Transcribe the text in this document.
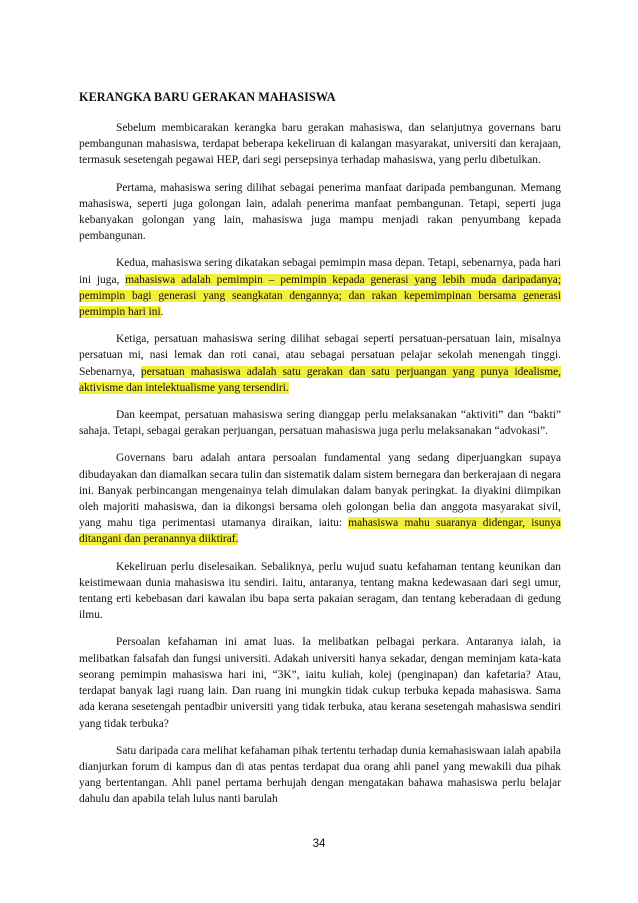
KERANGKA BARU GERAKAN MAHASISWA

Sebelum membicarakan kerangka baru gerakan mahasiswa, dan selanjutnya governans baru pembangunan mahasiswa, terdapat beberapa kekeliruan di kalangan masyarakat, universiti dan kerajaan, termasuk sesetengah pegawai HEP, dari segi persepsinya terhadap mahasiswa, yang perlu dibetulkan.

Pertama, mahasiswa sering dilihat sebagai penerima manfaat daripada pembangunan. Memang mahasiswa, seperti juga golongan lain, adalah penerima manfaat pembangunan. Tetapi, seperti juga kebanyakan golongan yang lain, mahasiswa juga mampu menjadi rakan penyumbang kepada pembangunan.

Kedua, mahasiswa sering dikatakan sebagai pemimpin masa depan. Tetapi, sebenarnya, pada hari ini juga, mahasiswa adalah pemimpin – pemimpin kepada generasi yang lebih muda daripadanya; pemimpin bagi generasi yang seangkatan dengannya; dan rakan kepemimpinan bersama generasi pemimpin hari ini.

Ketiga, persatuan mahasiswa sering dilihat sebagai seperti persatuan-persatuan lain, misalnya persatuan mi, nasi lemak dan roti canai, atau sebagai persatuan pelajar sekolah menengah tinggi. Sebenarnya, persatuan mahasiswa adalah satu gerakan dan satu perjuangan yang punya idealisme, aktivisme dan intelektualisme yang tersendiri.

Dan keempat, persatuan mahasiswa sering dianggap perlu melaksanakan “aktiviti” dan “bakti” sahaja. Tetapi, sebagai gerakan perjuangan, persatuan mahasiswa juga perlu melaksanakan “advokasi”.

Governans baru adalah antara persoalan fundamental yang sedang diperjuangkan supaya dibudayakan dan diamalkan secara tulin dan sistematik dalam sistem bernegara dan berkerajaan di negara ini. Banyak perbincangan mengenainya telah dimulakan dalam banyak peringkat. Ia diyakini diimpikan oleh majoriti mahasiswa, dan ia dikongsi bersama oleh golongan belia dan anggota masyarakat sivil, yang mahu tiga perimentasi utamanya diraikan, iaitu: mahasiswa mahu suaranya didengar, isunya ditangani dan peranannya diiktiraf.

Kekeliruan perlu diselesaikan. Sebaliknya, perlu wujud suatu kefahaman tentang keunikan dan keistimewaan dunia mahasiswa itu sendiri. Iaitu, antaranya, tentang makna kedewasaan dari segi umur, tentang erti kebebasan dari kawalan ibu bapa serta pakaian seragam, dan tentang keberadaan di gedung ilmu.

Persoalan kefahaman ini amat luas. Ia melibatkan pelbagai perkara. Antaranya ialah, ia melibatkan falsafah dan fungsi universiti. Adakah universiti hanya sekadar, dengan meminjam kata-kata seorang pemimpin mahasiswa hari ini, “3K”, iaitu kuliah, kolej (penginapan) dan kafetaria? Atau, terdapat banyak lagi ruang lain. Dan ruang ini mungkin tidak cukup terbuka kepada mahasiswa. Sama ada kerana sesetengah pentadbir universiti yang tidak terbuka, atau kerana sesetengah mahasiswa sendiri yang tidak terbuka?

Satu daripada cara melihat kefahaman pihak tertentu terhadap dunia kemahasiswaan ialah apabila dianjurkan forum di kampus dan di atas pentas terdapat dua orang ahli panel yang mewakili dua pihak yang bertentangan. Ahli panel pertama berhujah dengan mengatakan bahawa mahasiswa perlu belajar dahulu dan apabila telah lulus nanti barulah

34
